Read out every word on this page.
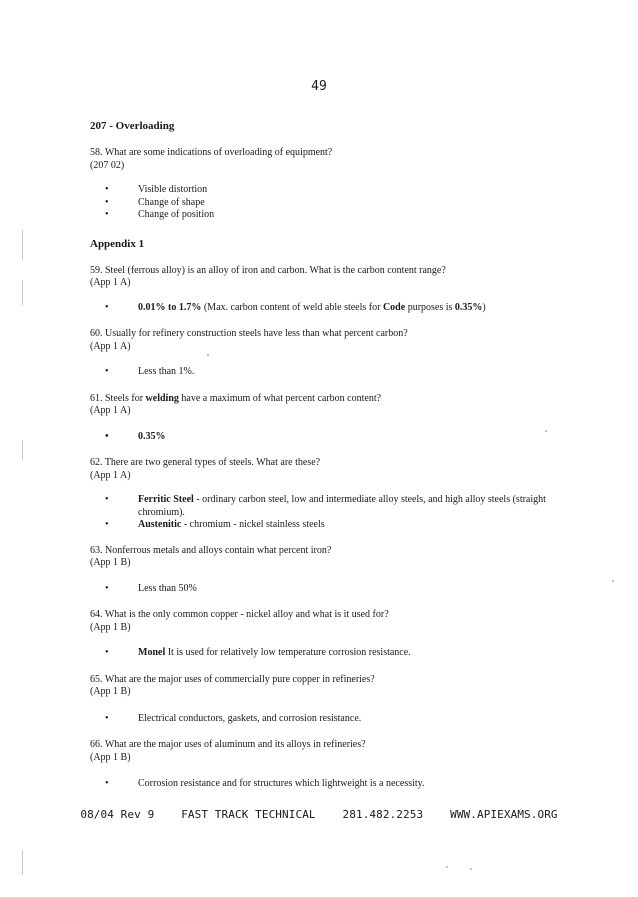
49

207 - Overloading

58. What are some indications of overloading of equipment?
(207 02)

• Visible distortion
• Change of shape
• Change of position

Appendix 1

59. Steel (ferrous alloy) is an alloy of iron and carbon. What is the carbon content range?
(App 1 A)

• 0.01% to 1.7% (Max. carbon content of weld able steels for Code purposes is 0.35%)

60. Usually for refinery construction steels have less than what percent carbon?
(App 1 A)

• Less than 1%.

61. Steels for welding have a maximum of what percent carbon content?
(App 1 A)

• 0.35%

62. There are two general types of steels. What are these?
(App 1 A)

• Ferritic Steel - ordinary carbon steel, low and intermediate alloy steels, and high alloy steels (straight chromium).
• Austenitic - chromium - nickel stainless steels

63. Nonferrous metals and alloys contain what percent iron?
(App 1 B)

• Less than 50%

64. What is the only common copper - nickel alloy and what is it used for?
(App 1 B)

• Monel It is used for relatively low temperature corrosion resistance.

65. What are the major uses of commercially pure copper in refineries?
(App 1 B)

• Electrical conductors, gaskets, and corrosion resistance.

66. What are the major uses of aluminum and its alloys in refineries?
(App 1 B)

• Corrosion resistance and for structures which lightweight is a necessity.
08/04 Rev 9 FAST TRACK TECHNICAL 281.482.2253 WWW.APIEXAMS.ORG
